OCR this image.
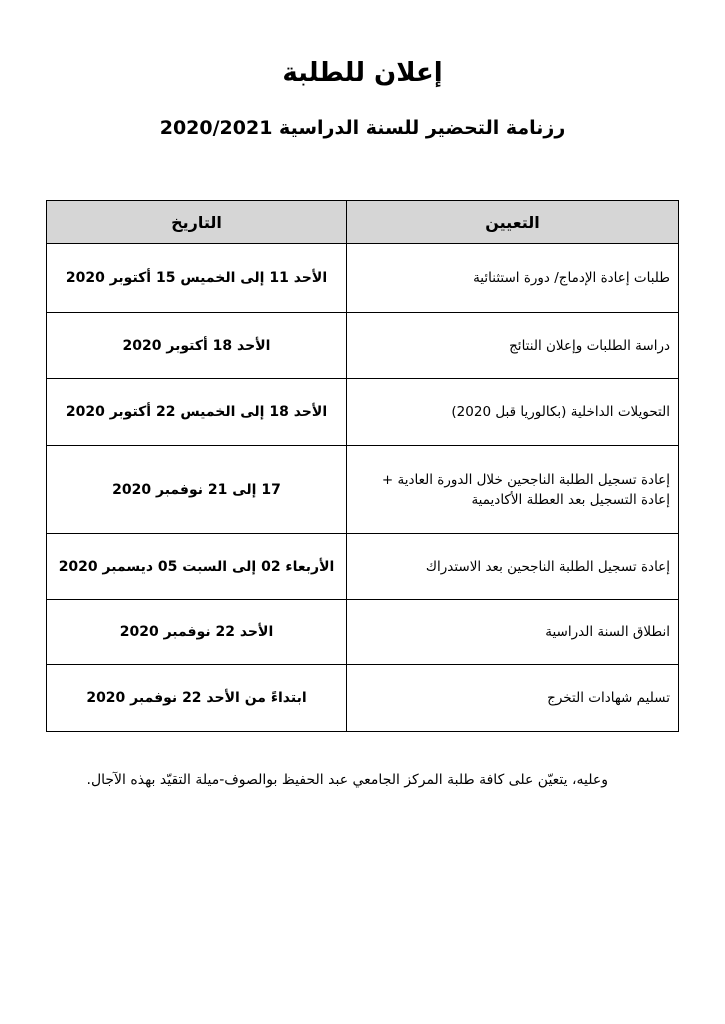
إعلان للطلبة
رزنامة التحضير للسنة الدراسية 2020/2021
التعيين	التاريخ
طلبات إعادة الإدماج/ دورة استثنائية	الأحد 11 إلى الخميس 15 أكتوبر 2020
دراسة الطلبات وإعلان النتائج	الأحد 18 أكتوبر 2020
التحويلات الداخلية (بكالوريا قبل 2020)	الأحد 18 إلى الخميس 22 أكتوبر 2020
إعادة تسجيل الطلبة الناجحين خلال الدورة العادية + إعادة التسجيل بعد العطلة الأكاديمية	17 إلى 21 نوفمبر 2020
إعادة تسجيل الطلبة الناجحين بعد الاستدراك	الأربعاء 02 إلى السبت 05 ديسمبر 2020
انطلاق السنة الدراسية	الأحد 22 نوفمبر 2020
تسليم شهادات التخرج	ابتداءً من الأحد 22 نوفمبر 2020
وعليه، يتعيّن على كافة طلبة المركز الجامعي عبد الحفيظ بوالصوف-ميلة التقيّد بهذه الآجال.
